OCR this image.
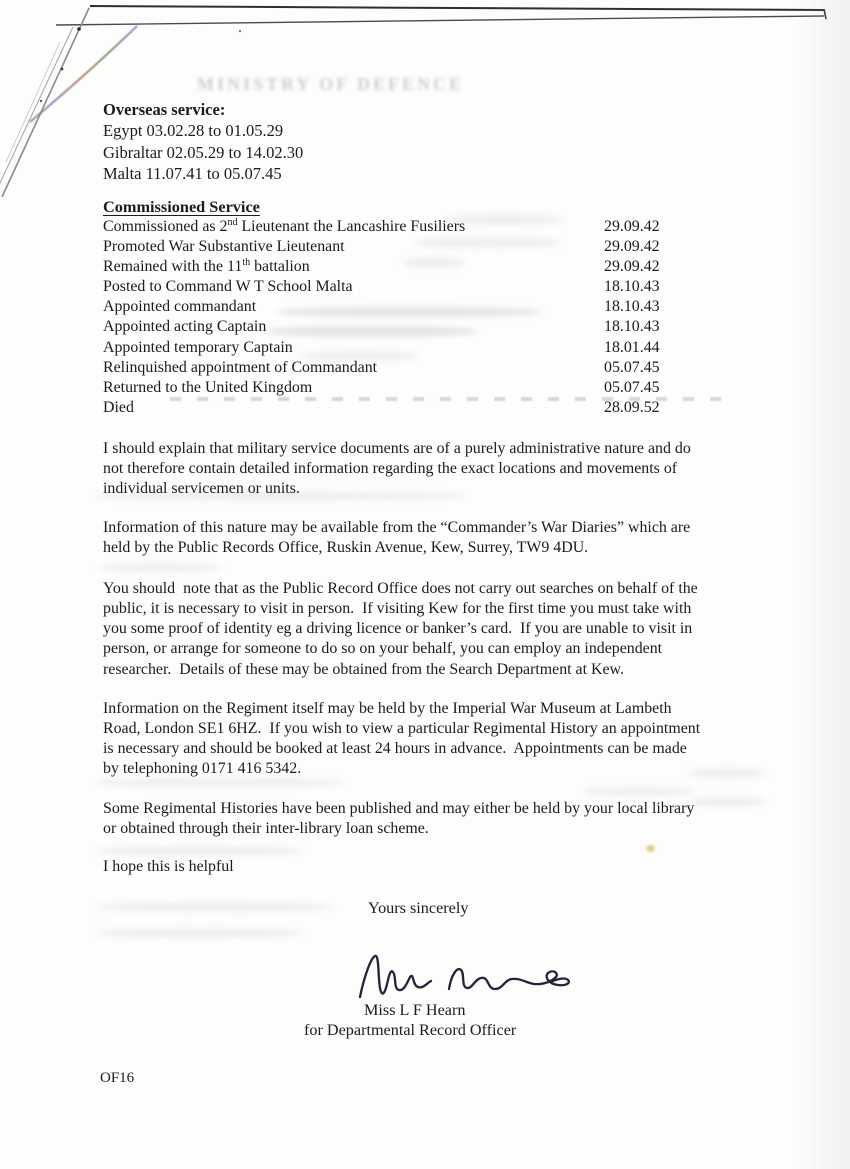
MINISTRY OF DEFENCE
Overseas service:
Egypt 03.02.28 to 01.05.29
Gibraltar 02.05.29 to 14.02.30
Malta 11.07.41 to 05.07.45
Commissioned Service
Commissioned as 2nd Lieutenant the Lancashire Fusiliers	29.09.42
Promoted War Substantive Lieutenant	29.09.42
Remained with the 11th battalion	29.09.42
Posted to Command W T School Malta	18.10.43
Appointed commandant	18.10.43
Appointed acting Captain	18.10.43
Appointed temporary Captain	18.01.44
Relinquished appointment of Commandant	05.07.45
Returned to the United Kingdom	05.07.45
Died	28.09.52
I should explain that military service documents are of a purely administrative nature and do
not therefore contain detailed information regarding the exact locations and movements of
individual servicemen or units.
Information of this nature may be available from the “Commander’s War Diaries” which are
held by the Public Records Office, Ruskin Avenue, Kew, Surrey, TW9 4DU.
You should  note that as the Public Record Office does not carry out searches on behalf of the
public, it is necessary to visit in person.  If visiting Kew for the first time you must take with
you some proof of identity eg a driving licence or banker’s card.  If you are unable to visit in
person, or arrange for someone to do so on your behalf, you can employ an independent
researcher.  Details of these may be obtained from the Search Department at Kew.
Information on the Regiment itself may be held by the Imperial War Museum at Lambeth
Road, London SE1 6HZ.  If you wish to view a particular Regimental History an appointment
is necessary and should be booked at least 24 hours in advance.  Appointments can be made
by telephoning 0171 416 5342.
Some Regimental Histories have been published and may either be held by your local library
or obtained through their inter-library loan scheme.
I hope this is helpful
Yours sincerely
Miss L F Hearn
for Departmental Record Officer
OF16
